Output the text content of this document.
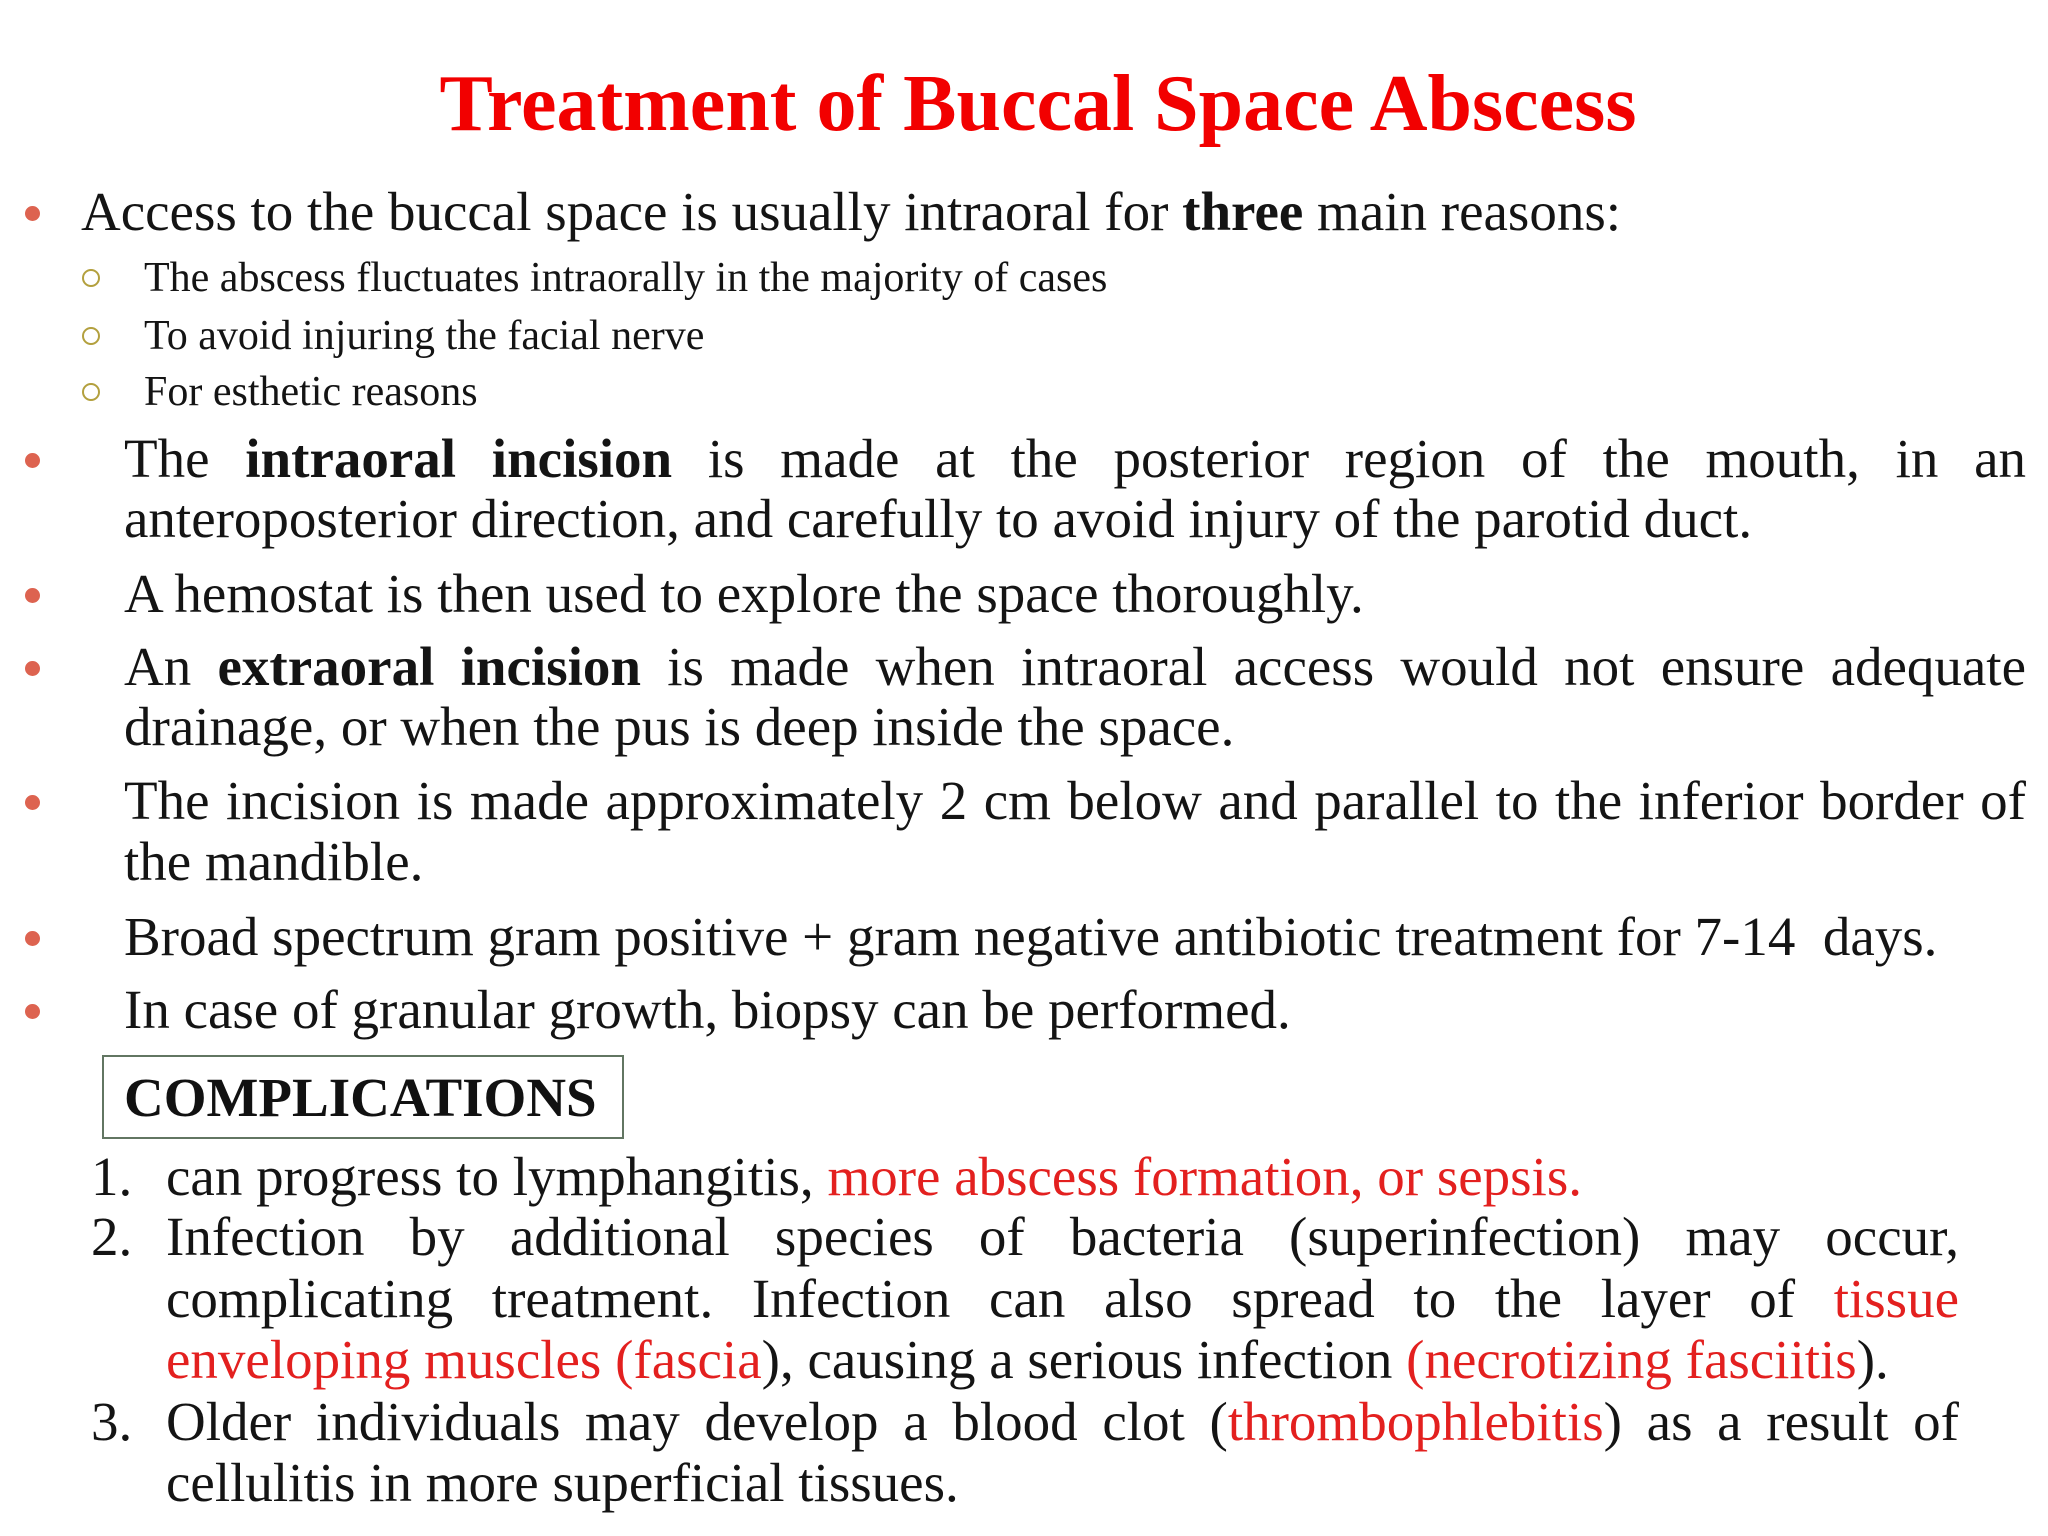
Treatment of Buccal Space Abscess
Access to the buccal space is usually intraoral for three main reasons:
The abscess fluctuates intraorally in the majority of cases
To avoid injuring the facial nerve
For esthetic reasons
The intraoral incision is made at the posterior region of the mouth, in an
anteroposterior direction, and carefully to avoid injury of the parotid duct.
A hemostat is then used to explore the space thoroughly.
An extraoral incision is made when intraoral access would not ensure adequate
drainage, or when the pus is deep inside the space.
The incision is made approximately 2 cm below and parallel to the inferior border of
the mandible.
Broad spectrum gram positive + gram negative antibiotic treatment for 7-14  days.
In case of granular growth, biopsy can be performed.
COMPLICATIONS
1. can progress to lymphangitis, more abscess formation, or sepsis.
2. Infection by additional species of bacteria (superinfection) may occur,
complicating treatment. Infection can also spread to the layer of tissue
enveloping muscles (fascia), causing a serious infection (necrotizing fasciitis).
3. Older individuals may develop a blood clot (thrombophlebitis) as a result of
cellulitis in more superficial tissues.
